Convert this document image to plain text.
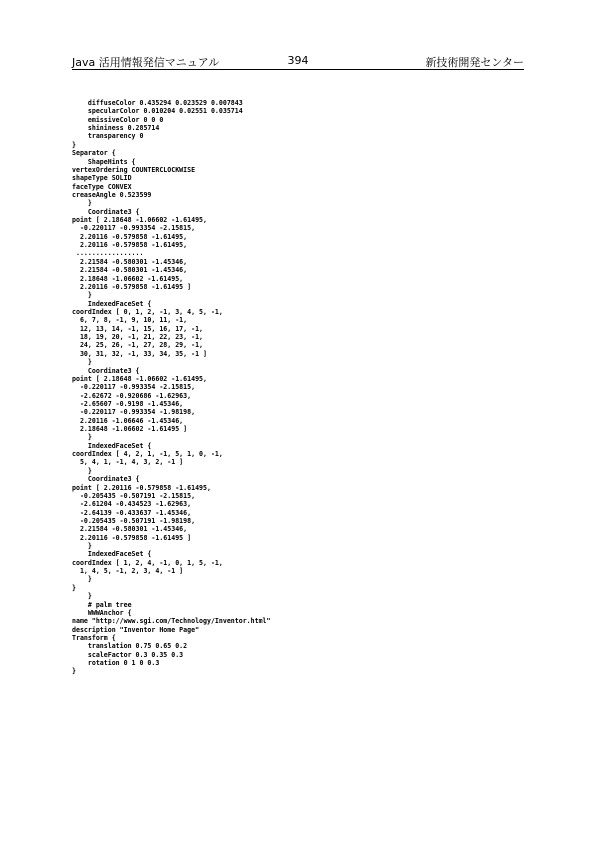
Java 活用情報発信マニュアル	394	新技術開発センター
diffuseColor 0.435294 0.023529 0.007843
specularColor 0.010204 0.02551 0.035714
emissiveColor 0 0 0
shininess 0.285714
transparency 0
}
Separator {
ShapeHints {
vertexOrdering COUNTERCLOCKWISE
shapeType SOLID
faceType CONVEX
creaseAngle 0.523599
}
Coordinate3 {
point [ 2.18648 -1.06602 -1.61495,
-0.220117 -0.993354 -2.15815,
2.20116 -0.579858 -1.61495,
2.20116 -0.579858 -1.61495,
.................
2.21584 -0.580301 -1.45346,
2.21584 -0.580301 -1.45346,
2.18648 -1.06602 -1.61495,
2.20116 -0.579858 -1.61495 ]
}
IndexedFaceSet {
coordIndex [ 0, 1, 2, -1, 3, 4, 5, -1,
6, 7, 8, -1, 9, 10, 11, -1,
12, 13, 14, -1, 15, 16, 17, -1,
18, 19, 20, -1, 21, 22, 23, -1,
24, 25, 26, -1, 27, 28, 29, -1,
30, 31, 32, -1, 33, 34, 35, -1 ]
}
Coordinate3 {
point [ 2.18648 -1.06602 -1.61495,
-0.220117 -0.993354 -2.15815,
-2.62672 -0.920686 -1.62963,
-2.65607 -0.9198 -1.45346,
-0.220117 -0.993354 -1.98198,
2.20116 -1.06646 -1.45346,
2.18648 -1.06602 -1.61495 ]
}
IndexedFaceSet {
coordIndex [ 4, 2, 1, -1, 5, 1, 0, -1,
5, 4, 1, -1, 4, 3, 2, -1 ]
}
Coordinate3 {
point [ 2.20116 -0.579858 -1.61495,
-0.205435 -0.507191 -2.15815,
-2.61204 -0.434523 -1.62963,
-2.64139 -0.433637 -1.45346,
-0.205435 -0.507191 -1.98198,
2.21584 -0.580301 -1.45346,
2.20116 -0.579858 -1.61495 ]
}
IndexedFaceSet {
coordIndex [ 1, 2, 4, -1, 0, 1, 5, -1,
1, 4, 5, -1, 2, 3, 4, -1 ]
}
}
}
# palm tree
WWWAnchor {
name "http://www.sgi.com/Technology/Inventor.html"
description "Inventor Home Page"
Transform {
translation 0.75 0.65 0.2
scaleFactor 0.3 0.35 0.3
rotation 0 1 0 0.3
}
